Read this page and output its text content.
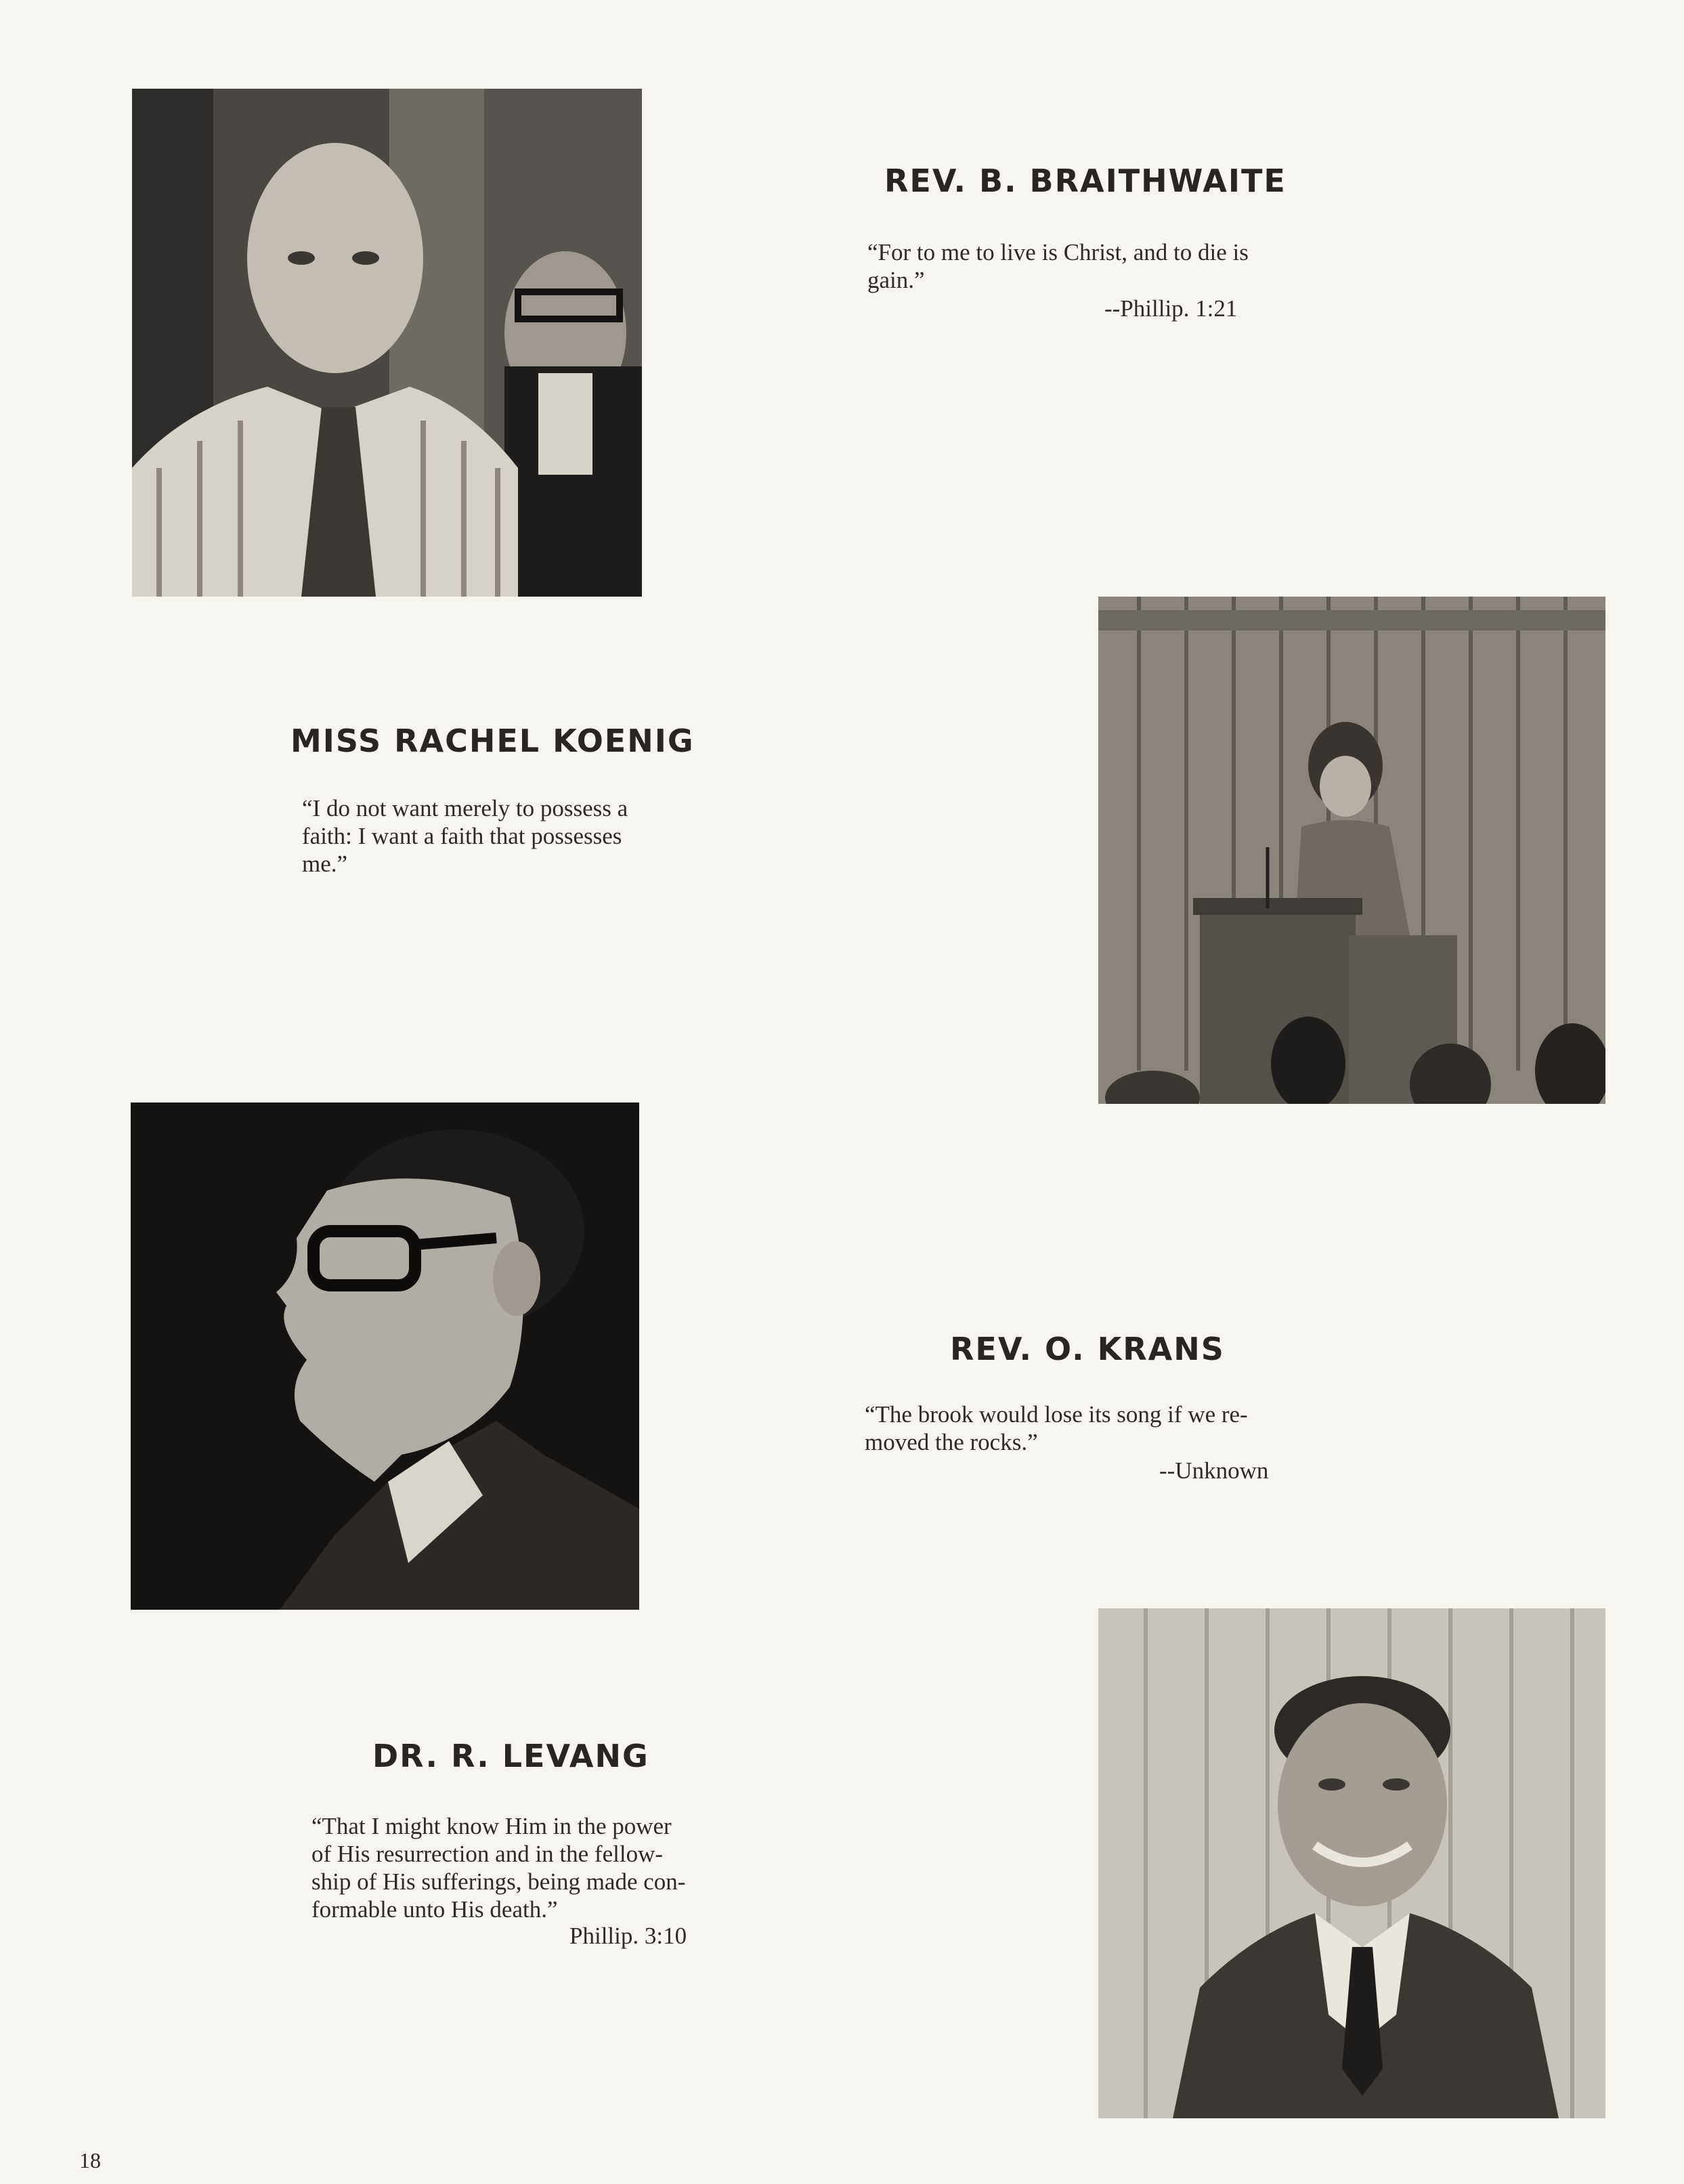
REV. B. BRAITHWAITE
“For to me to live is Christ, and to die is
gain.”
--Phillip. 1:21
MISS RACHEL KOENIG
“I do not want merely to possess a
faith: I want a faith that possesses
me.”
REV. O. KRANS
“The brook would lose its song if we re-
moved the rocks.”
--Unknown
DR. R. LEVANG
“That I might know Him in the power
of His resurrection and in the fellow-
ship of His sufferings, being made con-
formable unto His death.”
Phillip. 3:10
18
